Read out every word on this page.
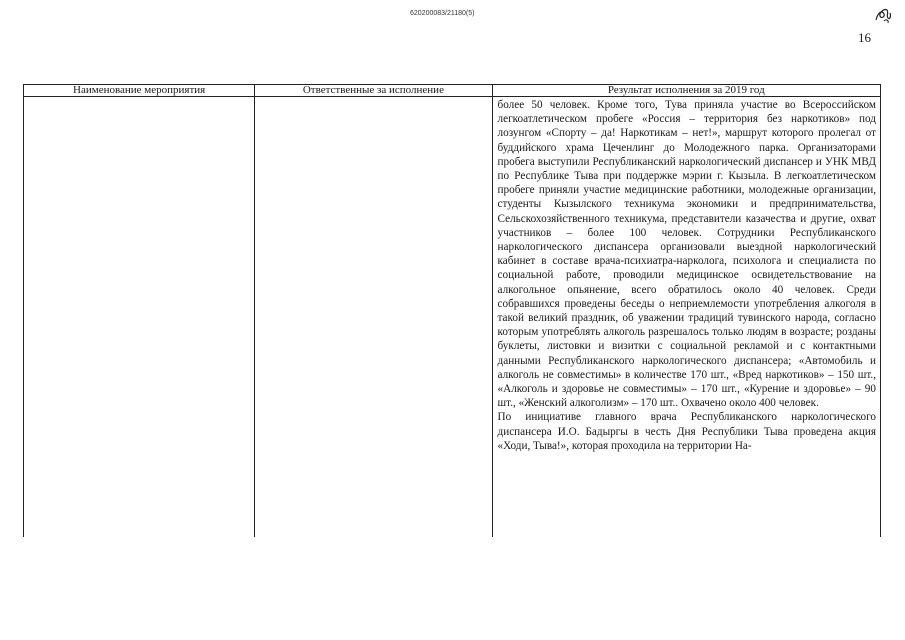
620200083/21180(5)
16
Наименование мероприятия	Ответственные за исполнение	Результат исполнения за 2019 год

		более 50 человек. Кроме того, Тува приняла участие во Всероссийском легкоатлетическом пробеге «Россия – территория без наркотиков» под лозунгом «Спорту – да! Наркотикам – нет!», маршрут которого пролегал от буддийского храма Цеченлинг до Молодежного парка. Организаторами пробега выступили Республиканский наркологический диспансер и УНК МВД по Республике Тыва при поддержке мэрии г. Кызыла. В легкоатлетическом пробеге приняли участие медицинские работники, молодежные организации, студенты Кызылского техникума экономики и предпринимательства, Сельскохозяйственного техникума, представители казачества и другие, охват участников – более 100 человек. Сотрудники Республиканского наркологического диспансера организовали выездной наркологический кабинет в составе врача-психиатра-нарколога, психолога и специалиста по социальной работе, проводили медицинское освидетельствование на алкогольное опьянение, всего обратилось около 40 человек. Среди собравшихся проведены беседы о неприемлемости употребления алкоголя в такой великий праздник, об уважении традиций тувинского народа, согласно которым употреблять алкоголь разрешалось только людям в возрасте; розданы буклеты, листовки и визитки с социальной рекламой и с контактными данными Республиканского наркологического диспансера; «Автомобиль и алкоголь не совместимы» в количестве 170 шт., «Вред наркотиков» – 150 шт., «Алкоголь и здоровье не совместимы» – 170 шт., «Курение и здоровье» – 90 шт., «Женский алкоголизм» – 170 шт.. Охвачено около 400 человек.

По инициативе главного врача Республиканского наркологического диспансера И.О. Бадыргы в честь Дня Республики Тыва проведена акция «Ходи, Тыва!», которая проходила на территории На-
